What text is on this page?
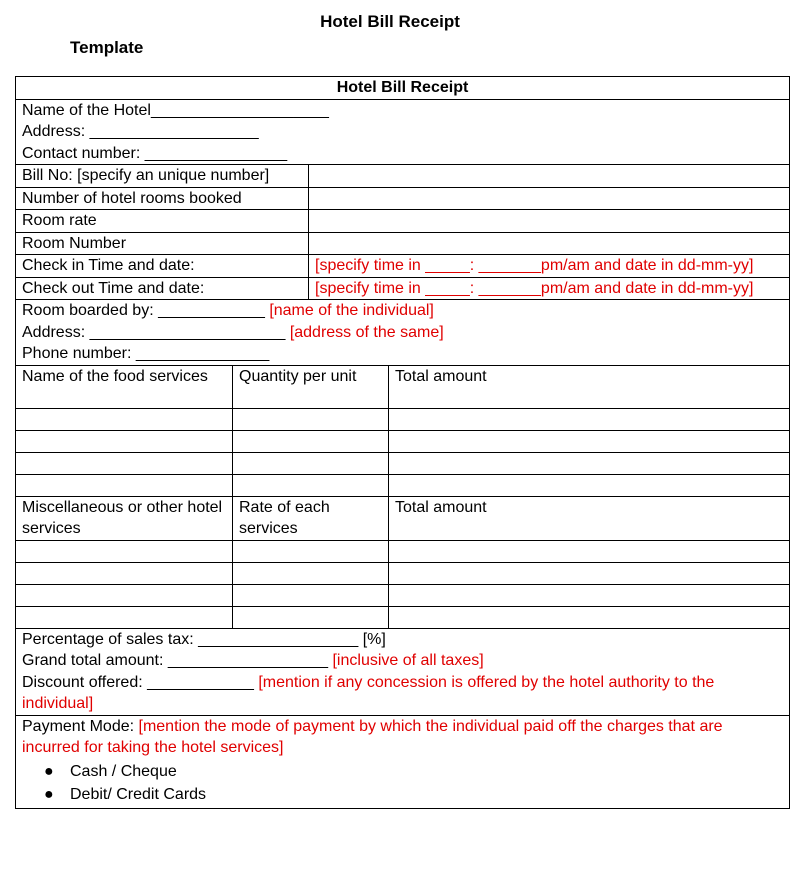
Hotel Bill Receipt
Template
Hotel Bill Receipt			

Name of the Hotel____________________
Address: ___________________
Contact number: ________________			

Bill No: [specify an unique number]			
Number of hotel rooms booked			
Room rate			
Room Number			
Check in Time and date:		[specify time in _____: _______pm/am and date in dd-mm-yy]	
Check out Time and date:		[specify time in _____: _______pm/am and date in dd-mm-yy]	

Room boarded by: ____________ [name of the individual]
Address: ______________________ [address of the same]
Phone number: _______________			

Name of the food services	Quantity per unit		Total amount

Miscellaneous or other hotel services	Rate of each services		Total amount

Percentage of sales tax: __________________ [%]
Grand total amount: __________________ [inclusive of all taxes]
Discount offered: ____________ [mention if any concession is offered by the hotel authority to the individual]			

Payment Mode: [mention the mode of payment by which the individual paid off the charges that are incurred for taking the hotel services]
● Cash / Cheque
● Debit/ Credit Cards			
